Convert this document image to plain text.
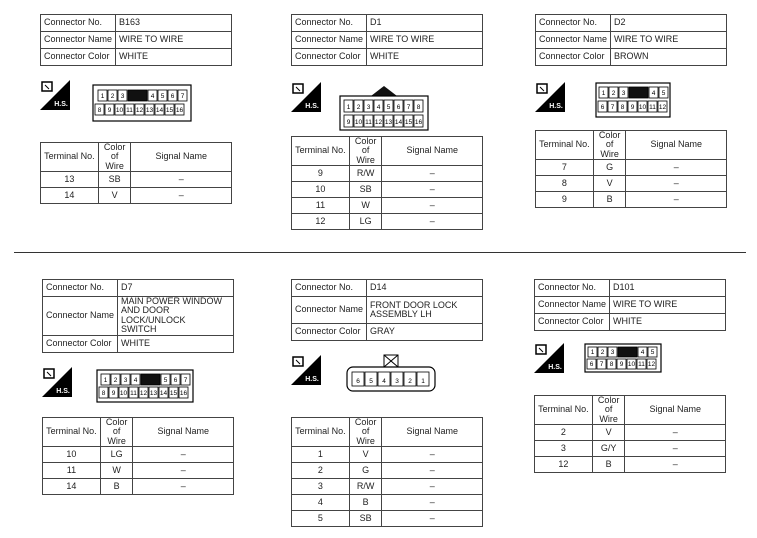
Connector No.	B163
Connector Name	WIRE TO WIRE
Connector Color	WHITE
H.S.
1 2 3	4 5 6 7
8 9 10 11 12 13 14 15 16
Terminal No.	Color of
Wire	Signal Name
13	SB	–
14	V	–
Connector No.	D1
Connector Name	WIRE TO WIRE
Connector Color	WHITE
H.S.	1 2 3 4 5 6 7 8
9 10 11 12 13 14 15 16
Terminal No.	Color of
Wire	Signal Name
9	R/W	–
10	SB	–
11	W	–
12	LG	–
Connector No.	D2
Connector Name	WIRE TO WIRE
Connector Color	BROWN
H.S.
1 2 3	4 5
6 7 8 9 10 11 12
Terminal No.	Color of
Wire	Signal Name
7	G	–
8	V	–
9	B	–
Connector No.	D7
Connector Name	MAIN POWER WINDOW
AND DOOR LOCK/UNLOCK
SWITCH
Connector Color	WHITE
H.S.
1 2 3 4	5 6 7
8 9 10 11 12 13 14 15 16
Terminal No.	Color of
Wire	Signal Name
10	LG	–
11	W	–
14	B	–
Connector No.	D14
Connector Name	FRONT DOOR LOCK
ASSEMBLY LH
Connector Color	GRAY
H.S.	6 5 4 3 2 1
Terminal No.	Color of
Wire	Signal Name
1	V	–
2	G	–
3	R/W	–
4	B	–
5	SB	–
Connector No.	D101
Connector Name	WIRE TO WIRE
Connector Color	WHITE
H.S.
1 2 3	4 5
6 7 8 9 10 11 12
Terminal No.	Color of
Wire	Signal Name
2	V	–
3	G/Y	–
12	B	–
